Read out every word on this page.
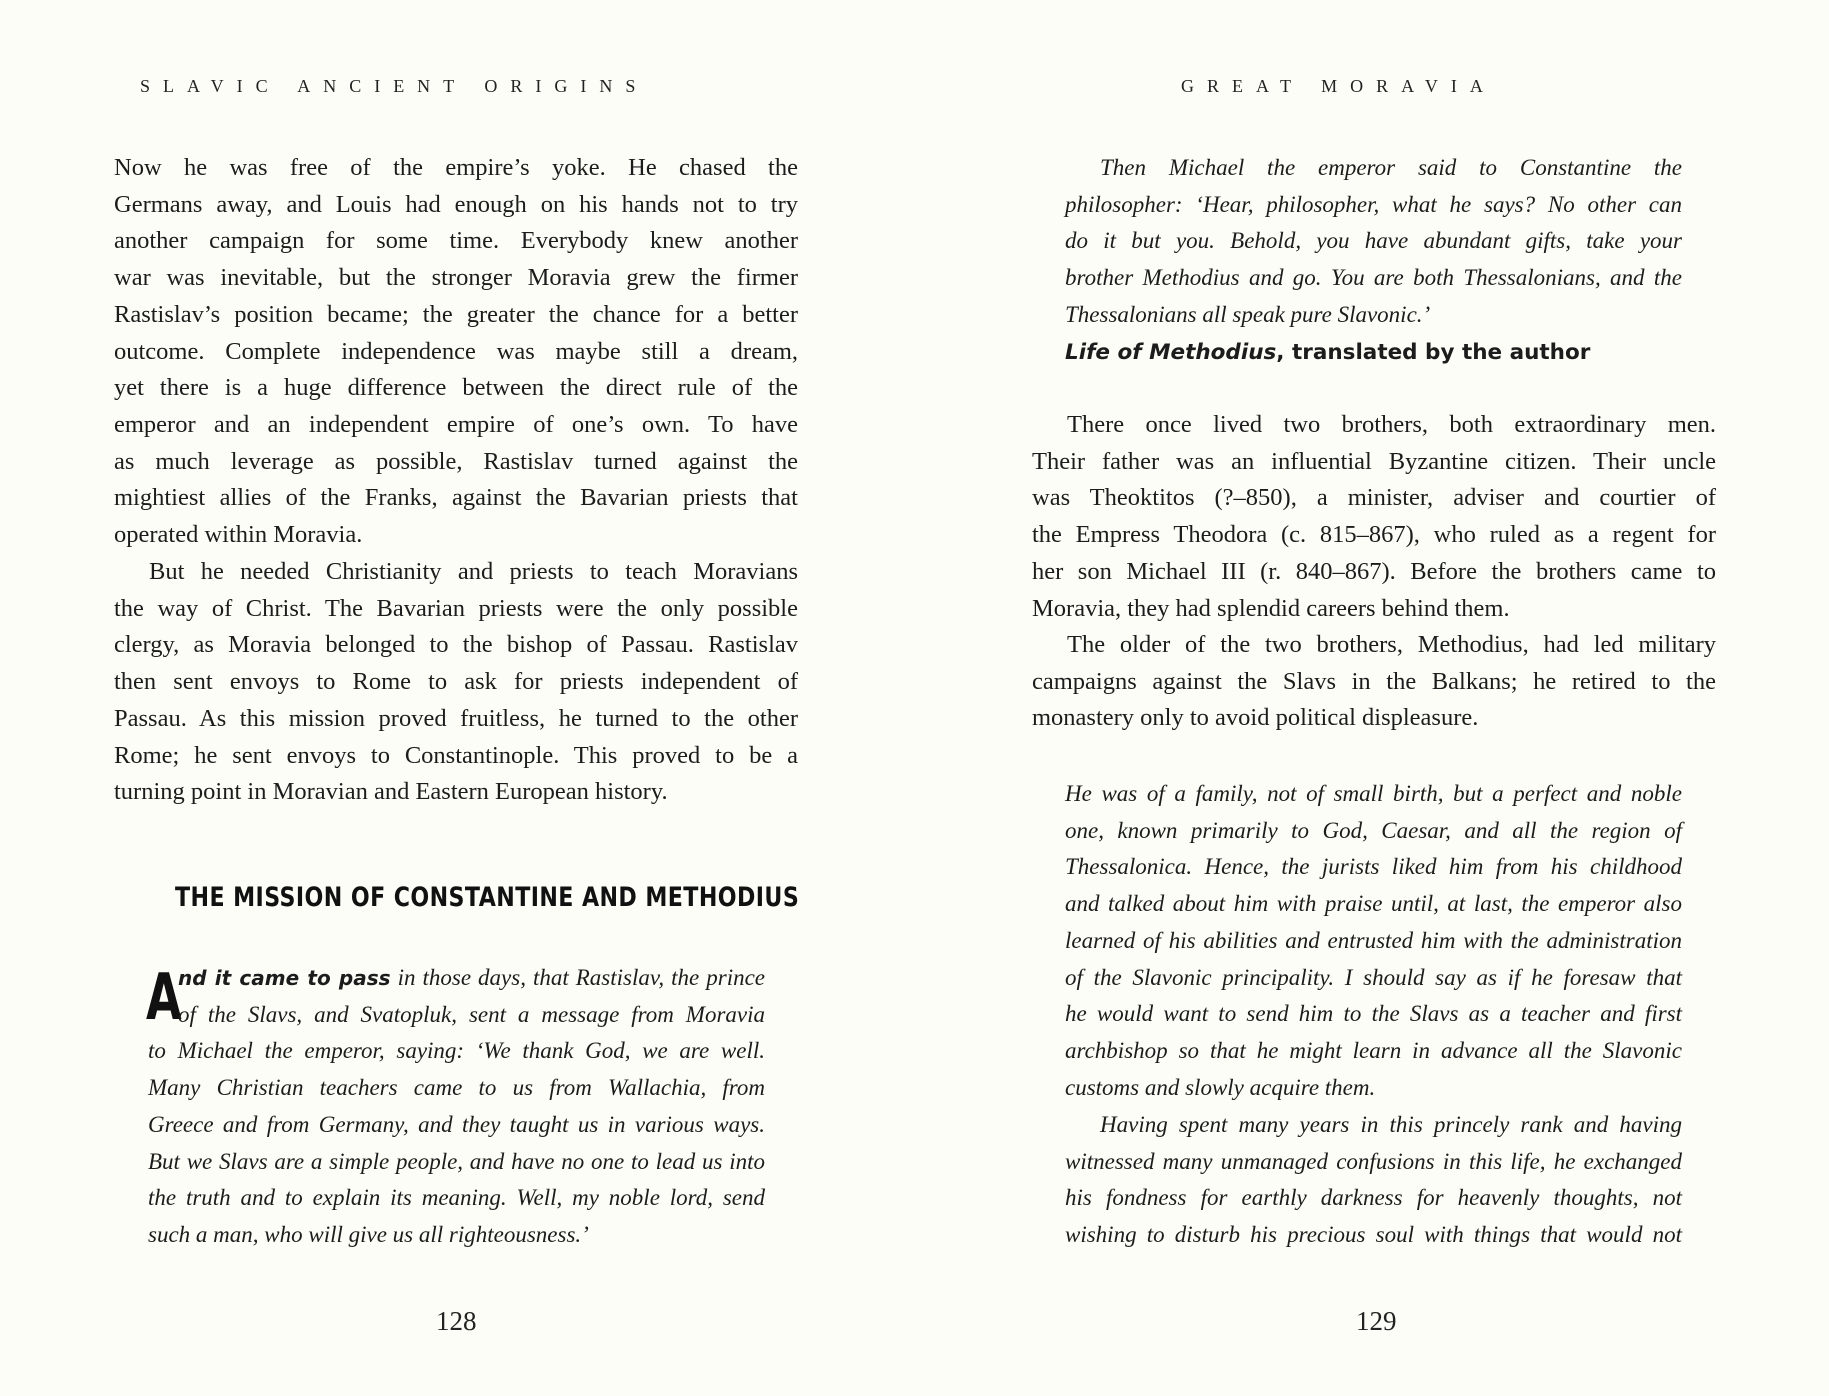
SLAVIC ANCIENT ORIGINS
Now he was free of the empire’s yoke. He chased the
Germans away, and Louis had enough on his hands not to try
another campaign for some time. Everybody knew another
war was inevitable, but the stronger Moravia grew the firmer
Rastislav’s position became; the greater the chance for a better
outcome. Complete independence was maybe still a dream,
yet there is a huge difference between the direct rule of the
emperor and an independent empire of one’s own. To have
as much leverage as possible, Rastislav turned against the
mightiest allies of the Franks, against the Bavarian priests that
operated within Moravia.
But he needed Christianity and priests to teach Moravians
the way of Christ. The Bavarian priests were the only possible
clergy, as Moravia belonged to the bishop of Passau. Rastislav
then sent envoys to Rome to ask for priests independent of
Passau. As this mission proved fruitless, he turned to the other
Rome; he sent envoys to Constantinople. This proved to be a
turning point in Moravian and Eastern European history.
THE MISSION OF CONSTANTINE AND METHODIUS
A
nd it came to pass in those days, that Rastislav, the prince
of the Slavs, and Svatopluk, sent a message from Moravia
to Michael the emperor, saying: ‘We thank God, we are well.
Many Christian teachers came to us from Wallachia, from
Greece and from Germany, and they taught us in various ways.
But we Slavs are a simple people, and have no one to lead us into
the truth and to explain its meaning. Well, my noble lord, send
such a man, who will give us all righteousness.’
128
GREAT MORAVIA
Then Michael the emperor said to Constantine the
philosopher: ‘Hear, philosopher, what he says? No other can
do it but you. Behold, you have abundant gifts, take your
brother Methodius and go. You are both Thessalonians, and the
Thessalonians all speak pure Slavonic.’
Life of Methodius, translated by the author
There once lived two brothers, both extraordinary men.
Their father was an influential Byzantine citizen. Their uncle
was Theoktitos (?–850), a minister, adviser and courtier of
the Empress Theodora (c. 815–867), who ruled as a regent for
her son Michael III (r. 840–867). Before the brothers came to
Moravia, they had splendid careers behind them.
The older of the two brothers, Methodius, had led military
campaigns against the Slavs in the Balkans; he retired to the
monastery only to avoid political displeasure.
He was of a family, not of small birth, but a perfect and noble
one, known primarily to God, Caesar, and all the region of
Thessalonica. Hence, the jurists liked him from his childhood
and talked about him with praise until, at last, the emperor also
learned of his abilities and entrusted him with the administration
of the Slavonic principality. I should say as if he foresaw that
he would want to send him to the Slavs as a teacher and first
archbishop so that he might learn in advance all the Slavonic
customs and slowly acquire them.
Having spent many years in this princely rank and having
witnessed many unmanaged confusions in this life, he exchanged
his fondness for earthly darkness for heavenly thoughts, not
wishing to disturb his precious soul with things that would not
129
